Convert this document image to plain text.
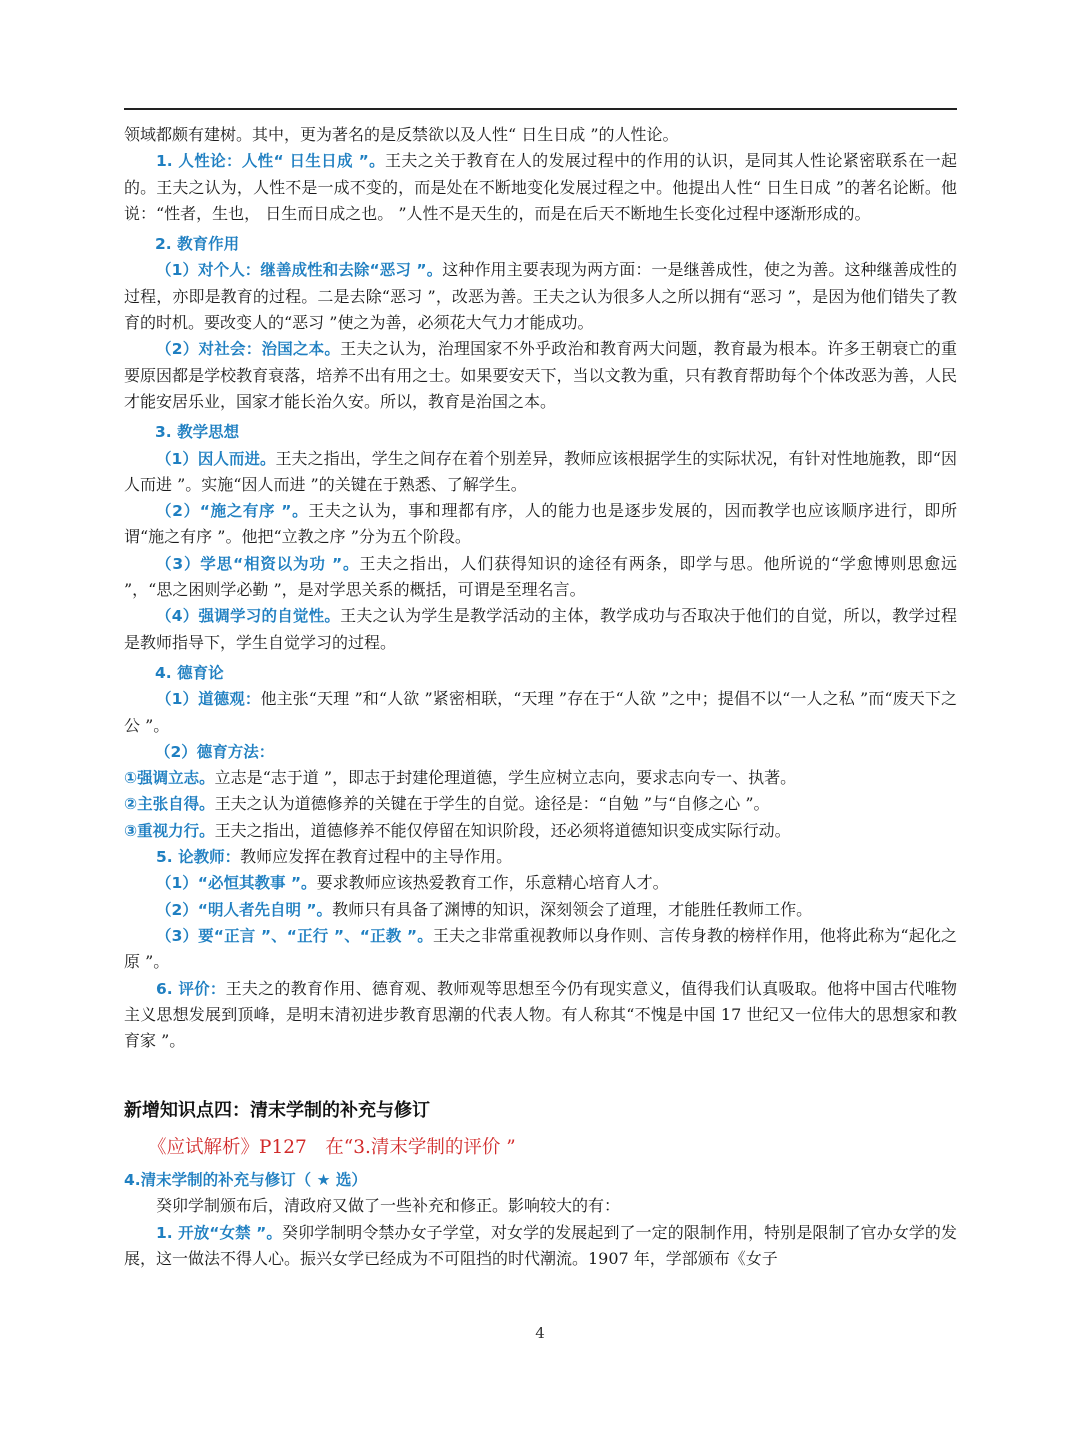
领域都颇有建树。其中，更为著名的是反禁欲以及人性“ 日生日成 ”的人性论。

1. 人性论：人性“ 日生日成 ”。王夫之关于教育在人的发展过程中的作用的认识，是同其人性论紧密联系在一起的。王夫之认为，人性不是一成不变的，而是处在不断地变化发展过程之中。他提出人性“ 日生日成 ”的著名论断。他说：“性者，生也， 日生而日成之也。 ”人性不是天生的，而是在后天不断地生长变化过程中逐渐形成的。

2. 教育作用

（1）对个人：继善成性和去除“恶习 ”。这种作用主要表现为两方面：一是继善成性，使之为善。这种继善成性的过程，亦即是教育的过程。二是去除“恶习 ”，改恶为善。王夫之认为很多人之所以拥有“恶习 ”，是因为他们错失了教育的时机。要改变人的“恶习 ”使之为善，必须花大气力才能成功。

（2）对社会：治国之本。王夫之认为，治理国家不外乎政治和教育两大问题，教育最为根本。许多王朝衰亡的重要原因都是学校教育衰落，培养不出有用之士。如果要安天下，当以文教为重，只有教育帮助每个个体改恶为善，人民才能安居乐业，国家才能长治久安。所以，教育是治国之本。

3. 教学思想

（1）因人而进。王夫之指出，学生之间存在着个别差异，教师应该根据学生的实际状况，有针对性地施教，即“因人而进 ”。实施“因人而进 ”的关键在于熟悉、了解学生。

（2）“施之有序 ”。王夫之认为，事和理都有序，人的能力也是逐步发展的，因而教学也应该顺序进行，即所谓“施之有序 ”。他把“立教之序 ”分为五个阶段。

（3）学思“相资以为功 ”。王夫之指出，人们获得知识的途径有两条，即学与思。他所说的“学愈博则思愈远 ”，“思之困则学必勤 ”，是对学思关系的概括，可谓是至理名言。

（4）强调学习的自觉性。王夫之认为学生是教学活动的主体，教学成功与否取决于他们的自觉，所以，教学过程是教师指导下，学生自觉学习的过程。

4. 德育论

（1）道德观：他主张“天理 ”和“人欲 ”紧密相联，“天理 ”存在于“人欲 ”之中；提倡不以“一人之私 ”而“废天下之公 ”。

（2）德育方法：

①强调立志。立志是“志于道 ”，即志于封建伦理道德，学生应树立志向，要求志向专一、执著。

②主张自得。王夫之认为道德修养的关键在于学生的自觉。途径是：“自勉 ”与“自修之心 ”。

③重视力行。王夫之指出，道德修养不能仅停留在知识阶段，还必须将道德知识变成实际行动。

5. 论教师：教师应发挥在教育过程中的主导作用。

（1）“必恒其教事 ”。要求教师应该热爱教育工作，乐意精心培育人才。

（2）“明人者先自明 ”。教师只有具备了渊博的知识，深刻领会了道理，才能胜任教师工作。

（3）要“正言 ”、“正行 ”、“正教 ”。王夫之非常重视教师以身作则、言传身教的榜样作用，他将此称为“起化之原 ”。

6. 评价：王夫之的教育作用、德育观、教师观等思想至今仍有现实意义，值得我们认真吸取。他将中国古代唯物主义思想发展到顶峰，是明末清初进步教育思潮的代表人物。有人称其“不愧是中国 17 世纪又一位伟大的思想家和教育家 ”。

新增知识点四：清末学制的补充与修订

《应试解析》P127　在“3.清末学制的评价 ”

4.清末学制的补充与修订（ ★ 选）

癸卯学制颁布后，清政府又做了一些补充和修正。影响较大的有：

1. 开放“女禁 ”。癸卯学制明令禁办女子学堂，对女学的发展起到了一定的限制作用，特别是限制了官办女学的发展，这一做法不得人心。振兴女学已经成为不可阻挡的时代潮流。1907 年，学部颁布《女子

4
